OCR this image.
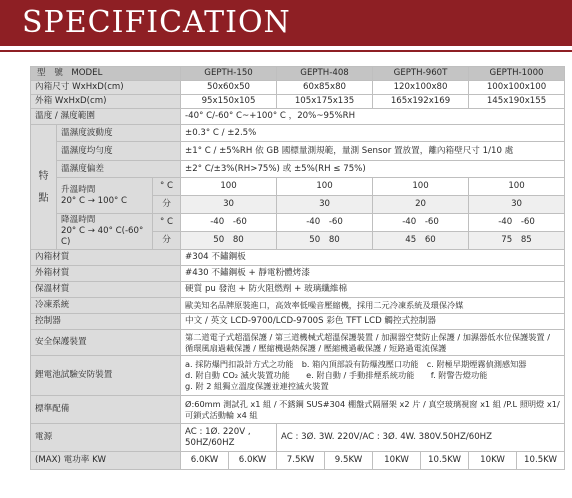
SPECIFICATION
型　號　MODEL			GEPTH-150		GEPTH-408		GEPTH-960T		GEPTH-1000	
內箱尺寸 WxHxD(cm)			50x60x50		60x85x80		120x100x80		100x100x100	
外箱 WxHxD(cm)			95x150x105		105x175x135		165x192x169		145x190x155	
溫度 / 濕度範圍			-40° C/-60° C~+100° C ，20%~95%RH							
特

點	溫濕度波動度		±0.3° C / ±2.5%							
	溫濕度均勻度		±1° C / ±5%RH 依 GB 國標量測規範，量測 Sensor 置放置，離內箱壁尺寸 1/10 處							
	溫濕度偏差		±2° C/±3%(RH>75%) 或 ±5%(RH ≤ 75%)							
	升溫時間
20° C → 100° C	° C	100		100		100		100	
		分	30		30		20		30	
	降溫時間
20° C → 40° C(-60° C)	° C	-40　-60		-40　-60		-40　-60		-40　-60	
		分	50　80		50　80		45　60		75　85	
內箱材質			#304 不鏽鋼板							
外箱材質			#430 不鏽鋼板 + 靜電粉體烤漆							
保溫材質			硬質 pu 發泡 + 防火阻燃劑 + 玻璃纖維棉							
冷凍系統			歐美知名品牌原裝進口，高效率低噪音壓縮機，採用二元冷凍系統及環保冷媒							
控制器			中文 / 英文 LCD-9700/LCD-9700S 彩色 TFT LCD 觸控式控制器							
安全保護裝置			第二道電子式超溫保護 / 第三道機械式超溫保護裝置 / 加濕器空焚防止保護 / 加濕器低水位保護裝置 / 循環風扇過載保護 / 壓縮機過熱保護 / 壓縮機過載保護 / 短路過電流保護							
鋰電池試驗安防裝置			a. 採防爆門扣設計方式之功能　b. 箱內頂部設有防爆洩壓口功能　c. 附極早期煙霧偵測感知器
d. 附自動 CO₂ 滅火裝置功能　　e. 附自動 / 手動排煙系統功能　　f. 附警告燈功能
g. 附 2 組獨立溫度保護並連控滅火裝置							

標準配備			Ø:60mm 測試孔 x1 組 / 不銹鋼 SUS#304 棚盤式隔層架 x2 片 / 真空玻璃視窗 x1 組 /P.L 照明燈 x1/ 可鎖式活動輪 x4 組							
電源			AC : 1Ø. 220V ,
50HZ/60HZ		AC : 3Ø. 3W. 220V/AC : 3Ø. 4W. 380V.50HZ/60HZ					
(MAX) 電功率 KW			6.0KW	6.0KW	7.5KW	9.5KW	10KW	10.5KW	10KW	10.5KW
